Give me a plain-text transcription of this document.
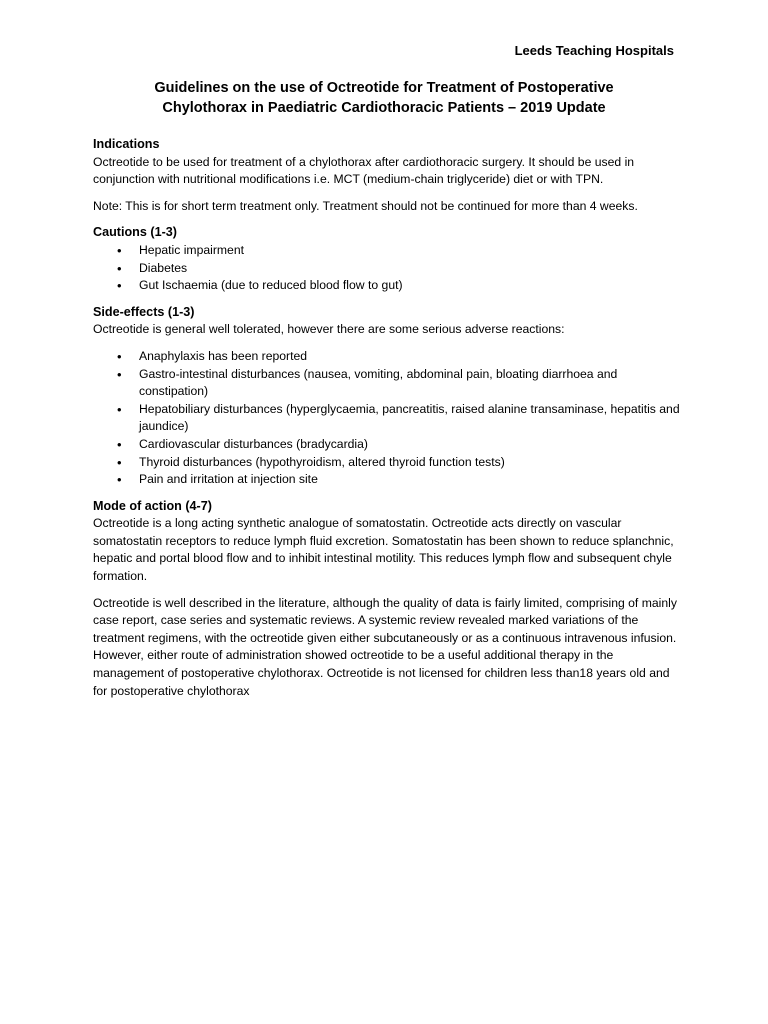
Leeds Teaching Hospitals
Guidelines on the use of Octreotide for Treatment of Postoperative
Chylothorax in Paediatric Cardiothoracic Patients – 2019 Update
Indications

Octreotide to be used for treatment of a chylothorax after cardiothoracic surgery. It should be used in conjunction with nutritional modifications i.e. MCT (medium-chain triglyceride) diet or with TPN.

Note: This is for short term treatment only. Treatment should not be continued for more than 4 weeks.

Cautions (1-3)
• Hepatic impairment
• Diabetes
• Gut Ischaemia (due to reduced blood flow to gut)
Side-effects (1-3)

Octreotide is general well tolerated, however there are some serious adverse reactions:

• Anaphylaxis has been reported
• Gastro-intestinal disturbances (nausea, vomiting, abdominal pain, bloating diarrhoea and constipation)
• Hepatobiliary disturbances (hyperglycaemia, pancreatitis, raised alanine transaminase, hepatitis and jaundice)
• Cardiovascular disturbances (bradycardia)
• Thyroid disturbances (hypothyroidism, altered thyroid function tests)
• Pain and irritation at injection site
Mode of action (4-7)

Octreotide is a long acting synthetic analogue of somatostatin. Octreotide acts directly on vascular somatostatin receptors to reduce lymph fluid excretion. Somatostatin has been shown to reduce splanchnic, hepatic and portal blood flow and to inhibit intestinal motility. This reduces lymph flow and subsequent chyle formation.

Octreotide is well described in the literature, although the quality of data is fairly limited, comprising of mainly case report, case series and systematic reviews. A systemic review revealed marked variations of the treatment regimens, with the octreotide given either subcutaneously or as a continuous intravenous infusion. However, either route of administration showed octreotide to be a useful additional therapy in the management of postoperative chylothorax. Octreotide is not licensed for children less than18 years old and for postoperative chylothorax
